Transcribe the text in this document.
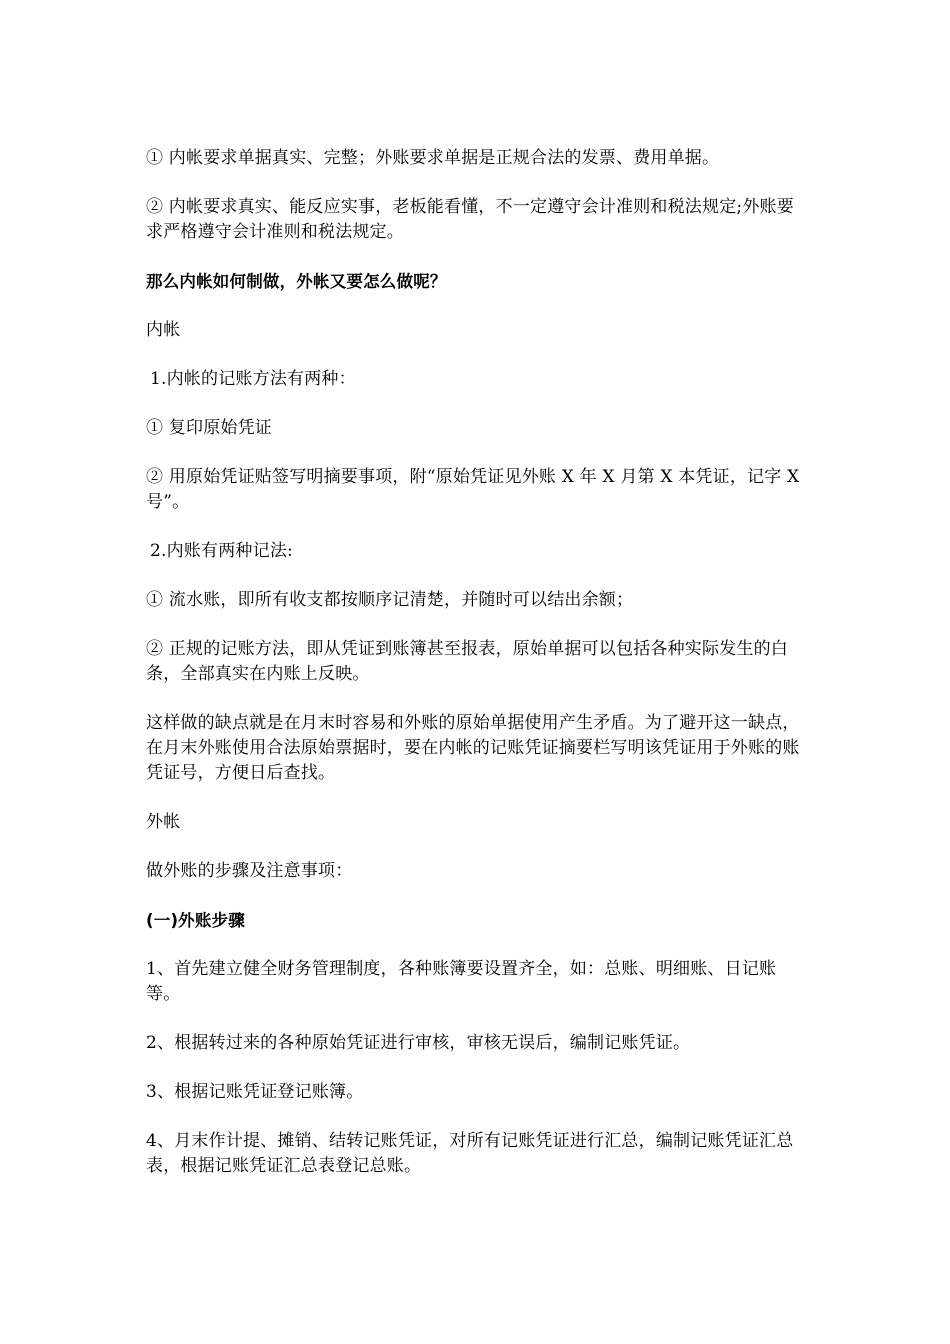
① 内帐要求单据真实、完整；外账要求单据是正规合法的发票、费用单据。

② 内帐要求真实、能反应实事，老板能看懂，不一定遵守会计准则和税法规定;外账要求严格遵守会计准则和税法规定。

那么内帐如何制做，外帐又要怎么做呢？

内帐

1.内帐的记账方法有两种：

① 复印原始凭证

② 用原始凭证贴签写明摘要事项，附“原始凭证见外账 X 年 X 月第 X 本凭证，记字 X 号”。

2.内账有两种记法:

① 流水账，即所有收支都按顺序记清楚，并随时可以结出余额；

② 正规的记账方法，即从凭证到账簿甚至报表，原始单据可以包括各种实际发生的白条，全部真实在内账上反映。

这样做的缺点就是在月末时容易和外账的原始单据使用产生矛盾。为了避开这一缺点，在月末外账使用合法原始票据时，要在内帐的记账凭证摘要栏写明该凭证用于外账的账凭证号，方便日后查找。

外帐

做外账的步骤及注意事项：

(一)外账步骤

1、首先建立健全财务管理制度，各种账簿要设置齐全，如：总账、明细账、日记账等。

2、根据转过来的各种原始凭证进行审核，审核无误后，编制记账凭证。

3、根据记账凭证登记账簿。

4、月末作计提、摊销、结转记账凭证，对所有记账凭证进行汇总，编制记账凭证汇总表，根据记账凭证汇总表登记总账。
